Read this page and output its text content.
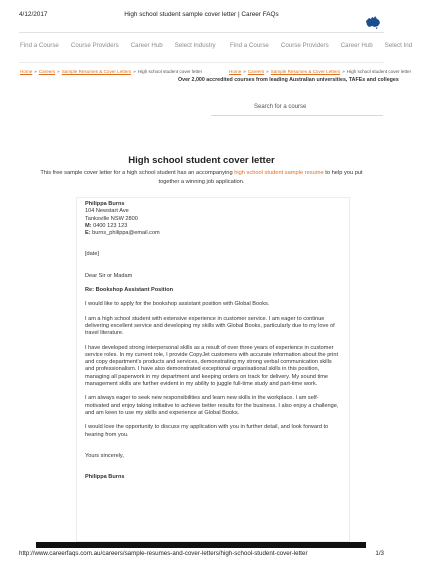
4/12/2017	High school student sample cover letter | Career FAQs
Find a Course Course Providers Career Hub Select Industry Find a Course Course Providers Career Hub Select Ind
Home » Careers » Sample Resumes & Cover Letters » High school student cover letter	Home » Careers » Sample Resumes & Cover Letters » High school student cover letter
Over 2,000 accredited courses from leading Australian universities, TAFEs and colleges
Search for a course
High school student cover letter

This free sample cover letter for a high school student has an accompanying high school student sample resume to help you put together a winning job application.

Philippa Burns

104 Newstart Ave

Tanksville NSW 2800

M: 0400 123 123

E: burns_philippa@email.com

[date]

Dear Sir or Madam

Re: Bookshop Assistant Position

I would like to apply for the bookshop assistant position with Global Books.

I am a high school student with extensive experience in customer service. I am eager to continue delivering excellent service and developing my skills with Global Books, particularly due to my love of travel literature.

I have developed strong interpersonal skills as a result of over three years of experience in customer service roles. In my current role, I provide CopyJet customers with accurate information about the print and copy department's products and services, demonstrating my strong verbal communication skills and professionalism. I have also demonstrated exceptional organisational skills in this position, managing all paperwork in my department and keeping orders on track for delivery. My sound time management skills are further evident in my ability to juggle full-time study and part-time work.

I am always eager to seek new responsibilities and learn new skills in the workplace. I am self-motivated and enjoy taking initiative to achieve better results for the business. I also enjoy a challenge, and am keen to use my skills and experience at Global Books.

I would love the opportunity to discuss my application with you in further detail, and look forward to hearing from you.

Yours sincerely,

Philippa Burns

http://www.careerfaqs.com.au/careers/sample-resumes-and-cover-letters/high-school-student-cover-letter	1/3
